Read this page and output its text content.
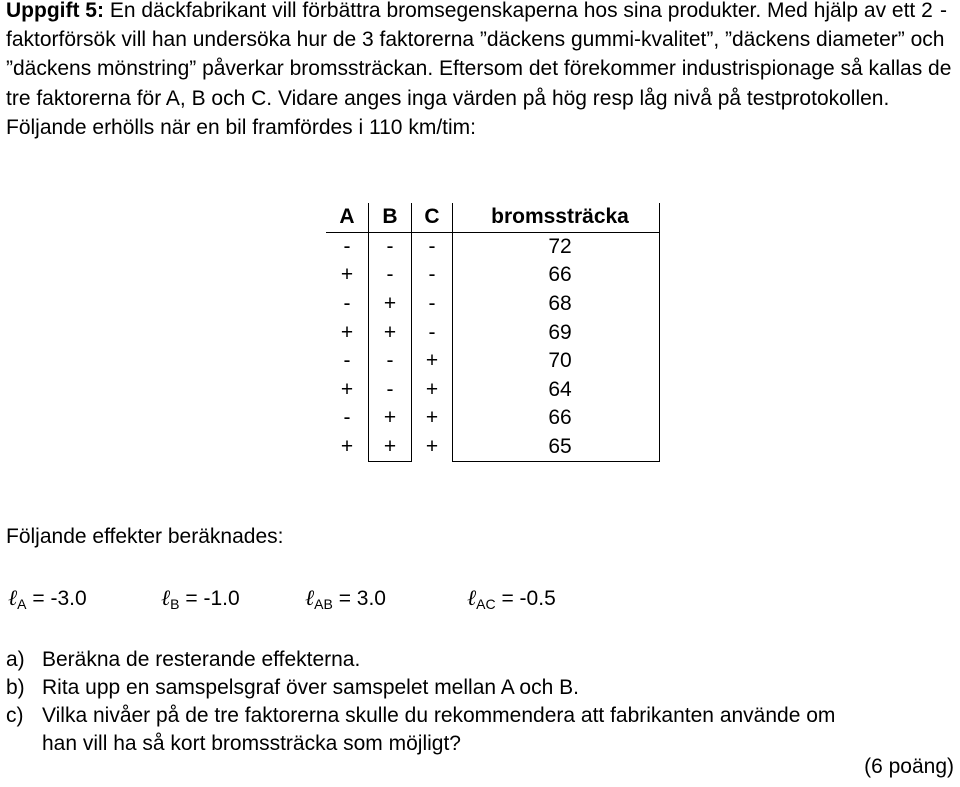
Uppgift 5: En däckfabrikant vill förbättra bromsegenskaperna hos sina produkter. Med hjälp av ett 2 -faktorförsök vill han undersöka hur de 3 faktorerna ”däckens gummi-kvalitet”, ”däckens diameter” och ”däckens mönstring” påverkar bromssträckan. Eftersom det förekommer industrispionage så kallas de tre faktorerna för A, B och C. Vidare anges inga värden på hög resp låg nivå på testprotokollen. Följande erhölls när en bil framfördes i 110 km/tim:

A	B	C	bromssträcka
-	-	-	72
+	-	-	66
-	+	-	68
+	+	-	69
-	-	+	70
+	-	+	64
-	+	+	66
+	+	+	65
Följande effekter beräknades:
ℓ$_A$ = -3.0	ℓ$_B$ = -1.0	ℓ$_{AB}$ = 3.0	ℓ$_{AC}$ = -0.5
a) Beräkna de resterande effekterna.
b) Rita upp en samspelsgraf över samspelet mellan A och B.
c) Vilka nivåer på de tre faktorerna skulle du rekommendera att fabrikanten använde om
han vill ha så kort bromssträcka som möjligt?
(6 poäng)
